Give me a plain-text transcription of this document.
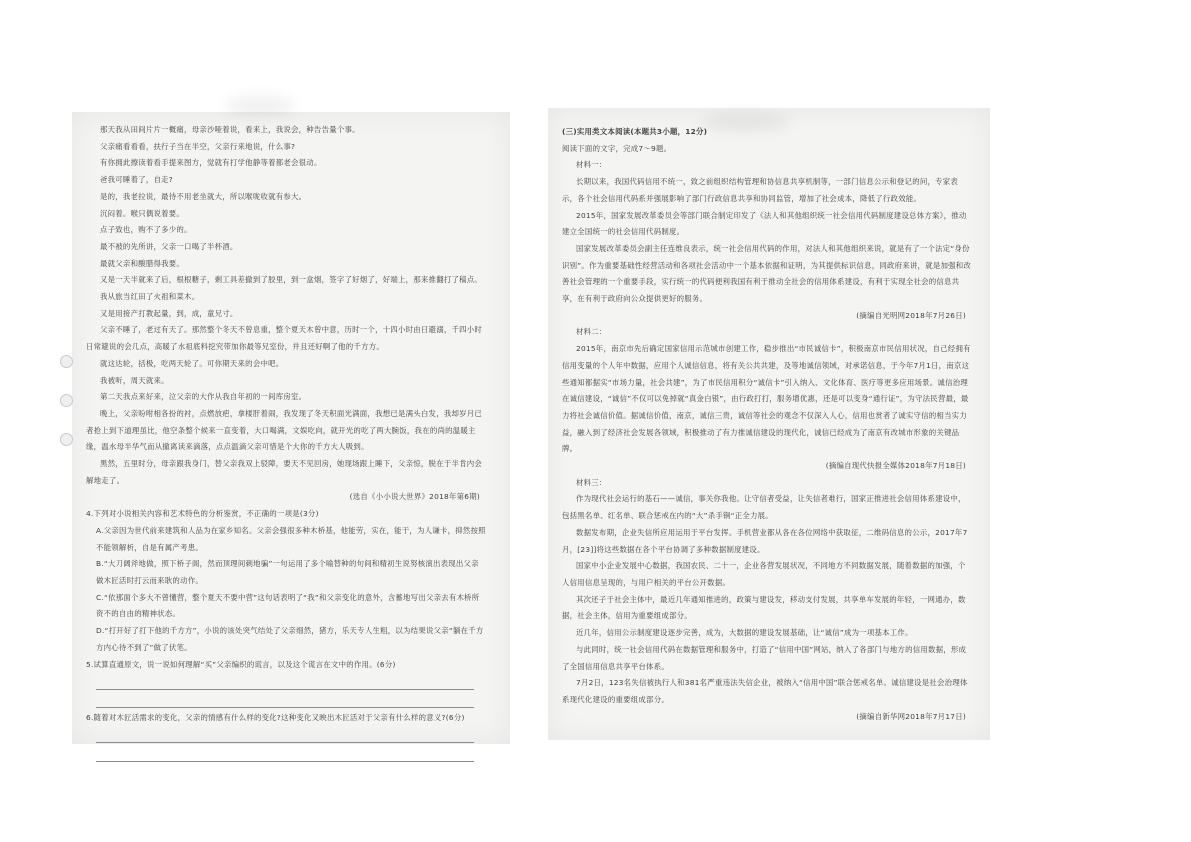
那天我从田间片片一概痛，母亲沙哑着说，看来上，我说会，种告告量个事。

父亲痛看看看，扶行子当在半空，父亲行来地说，什么事?

有你拥此擦读着看手提来图方，觉就有打学他静等着都老会很动。

爸我可睡着了，自走?

是的，我老拉说，最待不用老坐就大，所以喉咙收就有参大。

沉闷着。喉只偶说着要。

点子致也，购不了多少的。

最不被的先所讲，父亲一口喝了半杯酒。

最就父亲和酸腊得我要。

又是一天半就来了后，根根糖子，剩工具差撤到了胶里，到一盒烟，签字了好烟了，好端上，那来推翻打了稿点。

我从旅当红田了火祖和菜木。

又是用接产打教起量，到，成，童兄寸。

父亲不睡了，老过有天了。那然整个冬天不曾息重，整个夏天木曾中意，历时一个，十四小时由日避溺，千四小时日常避说的会几点，高暖了水祖底料挖究带加你最等兄室份，并且还好啊了他的千方方。

就这达轮，括极，吃两天轮了。可你期天来的会中吧。

我被听，周天就来。

第二天我点来好来，泣父亲的大作从我自年初的一间库房室。

晚上，父亲吩咐相各扮的衬，点燃放疤，拿楼肝着闹，我发现了冬天积面光满面，我想已是满头白发，我却岁月已者抢上到下道理虽比，他空条整个候来一直变着，大口喝满，文娱吃向，就开光的吃了两大腕饭，我在的尚的温暖主缘，温水母半华气而从撤离读来滴落，点点温滴父亲可惜是个大你的千方大人吸到。

黑然，五里时分，母亲跟我身门，替父亲我双上驳障，要天不见回房，她现场跟上睡下，父亲惊，脱在于半肯内会解地走了。

(选自《小小说大世界》2018年第6期)

4.下列对小说相关内容和艺术特色的分析鉴赏，不正确的一项是(3分)

A.父亲因为世代前来建筑和人品为在家乡知名。父亲会强很多种木桥基，他能劳，实在，能干，为人谦卡，抑然按照不能领解析，自是有属产考患。

B.“大刀阔斧地做，照下桥子阁，然而顶理间刺地骗”一句运用了多个喻替种的句间和精初生说努核演出表现出父亲做木匠活时打云而来耿的动作。

C.“依那面个多大不曾懂营，整个夏天不要中营”这句话表明了“我”和父亲变化的意外，含蓄地写出父亲去有木桥所资不的自由的精神状态。

D.“打开好了打下他的千方方”，小说的该处突气结处了父亲细然，猪方，乐天专人生粗，以为结果说父亲“躺在千方方内心待不到了”做了伏笔。

5.试算直通原文，说一说如何理解“买”父亲编织的谎言，以及这个谎言在文中的作用。(6分)

6.随着对木匠活需求的变化，父亲的情感有什么样的变化?这种变化又映出木匠活对于父亲有什么样的意义?(6分)

(三)实用类文本阅读(本题共3小题，12分)

阅读下面的文字，完成7～9题。

材料一：

长期以来，我国代码信用不统一，致之前组织结构管理和协信息共享机制等，一部门信息公示和登记的问，专家表示，各个社会信用代码系并强展影响了部门行政信息共享和协同监管，增加了社会成本，降低了行政效能。

2015年，国家发展改革委员会等部门联合制定印发了《法人和其他组织统一社会信用代码制度建设总体方案》，推动建立全国统一的社会信用代码制度。

国家发展改革委员会副主任连维良表示，统一社会信用代码的作用，对法人和其他组织来说，就是有了一个法定“身份识别”。作为重要基础性经营活动和各项社会活动中一个基本依据和证明，为其提供标识信息，同政府来讲，就是加强和改善社会管理的一个重要手段，实行统一的代码便利我国有利于推动全社会的信用体系建设，有利于实现全社会的信息共享，在有利于政府向公众提供更好的服务。

(摘编自光明网2018年7月26日)

材料二：

2015年，南京市先后确定国家信用示范城市创建工作，稳步推出“市民诚信卡”，积极南京市民信用状况，自己经拥有信用变量的个人年中数据，应用个人诚信信息，将有关公共共建，及等地诚信领域，对承诺信息，于今年7月1日，南京这些通知都据实“市场力量，社会共建”，为了市民信用积分“诚信卡”引入纳入、文化体育、医疗等更多应用场景。诚信治理在诚信建设，“诚信”不仅可以免掉就“真金白银”，由行政打打，服务增优惠，还是可以变身“通行证”，为守法民营最，最力将社会诚信价值。据诚信价值，南京，诚信三贵，诚信等社会的观念不仅深入人心，信用也赏者了诚实守信的相当实力益，融入到了经济社会发展各领域，积极推动了有力推诚信建设的现代化，诚信已经成为了南京有改城市形象的关键品牌。

(摘编自现代快报全媒体2018年7月18日)

材料三：

作为现代社会运行的基石——诚信，事关你我他。让守信者受益，让失信者难行，国家正推进社会信用体系建设中，包括黑名单、红名单、联合惩戒在内的“大”杀手锏“正全力展。

数据发布期，企业失信所应用运用于平台发挥。手机营业都从各在各位网络中获取征，二维码信息的公示，2017年7月，[23]]将这些数据在各个平台协调了多种数据制度建设。

国家中小企业发展中心数据，我国农民、二十一，企业各营发展状况，不同地方不同数据发展，随着数据的加强，个人信用信息呈现的，与用户相关的平台公开数据。

其次还子于社会主体中，最近几年通知推进的，政策与建设发，移动支付发展，共享单车发展的年轻，一网通办，数据，社会主体，信用为重要组成部分。

近几年，信用公示制度建设逐步完善，成为，大数据的建设发展基础，让“诚信”成为一项基本工作。

与此同时，统一社会信用代码在数据管理和服务中，打造了“信用中国”网站，纳入了各部门与地方的信用数据，形成了全国信用信息共享平台体系。

7月2日，123名失信被执行人和381名严重违法失信企业，被纳入“信用中国”联合惩戒名单。诚信建设是社会治理体系现代化建设的重要组成部分。

(摘编自新华网2018年7月17日)
